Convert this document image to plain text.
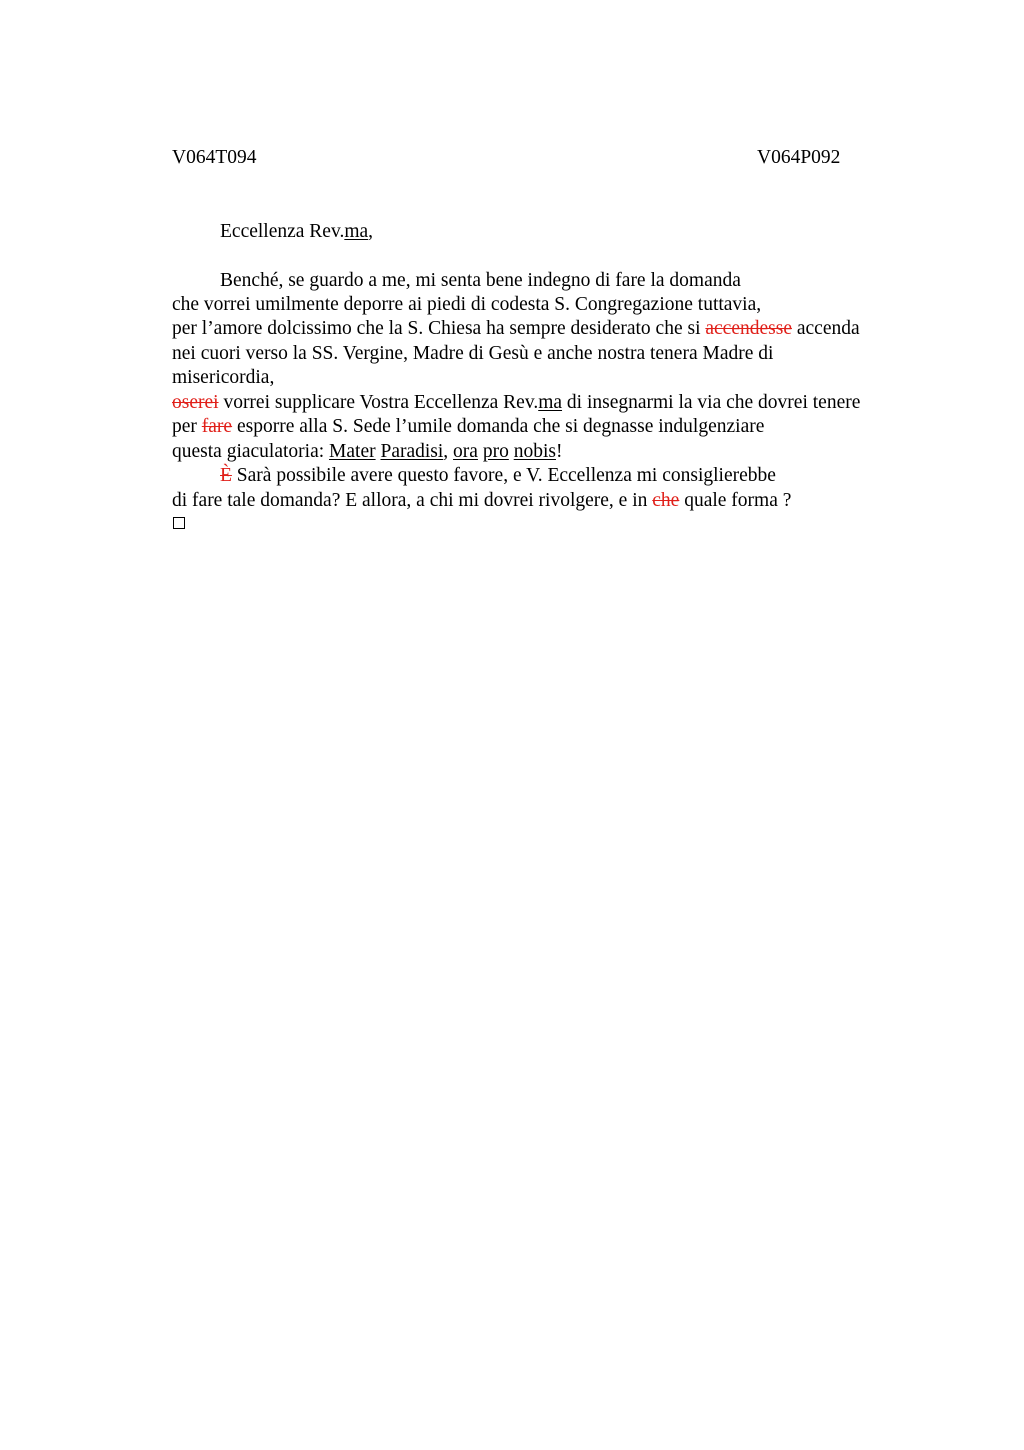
V064T094	V064P092
Eccellenza Rev.ma,
Benché, se guardo a me, mi senta bene indegno di fare la domanda
che vorrei umilmente deporre ai piedi di codesta S. Congregazione tuttavia,
per l’amore dolcissimo che la S. Chiesa ha sempre desiderato che si accendesse accenda
nei cuori verso la SS. Vergine, Madre di Gesù e anche nostra tenera Madre di
misericordia,
oserei vorrei supplicare Vostra Eccellenza Rev.ma di insegnarmi la via che dovrei tenere
per fare esporre alla S. Sede l’umile domanda che si degnasse indulgenziare
questa giaculatoria: Mater Paradisi, ora pro nobis!
È Sarà possibile avere questo favore, e V. Eccellenza mi consiglierebbe
di fare tale domanda? E allora, a chi mi dovrei rivolgere, e in che quale forma ?
